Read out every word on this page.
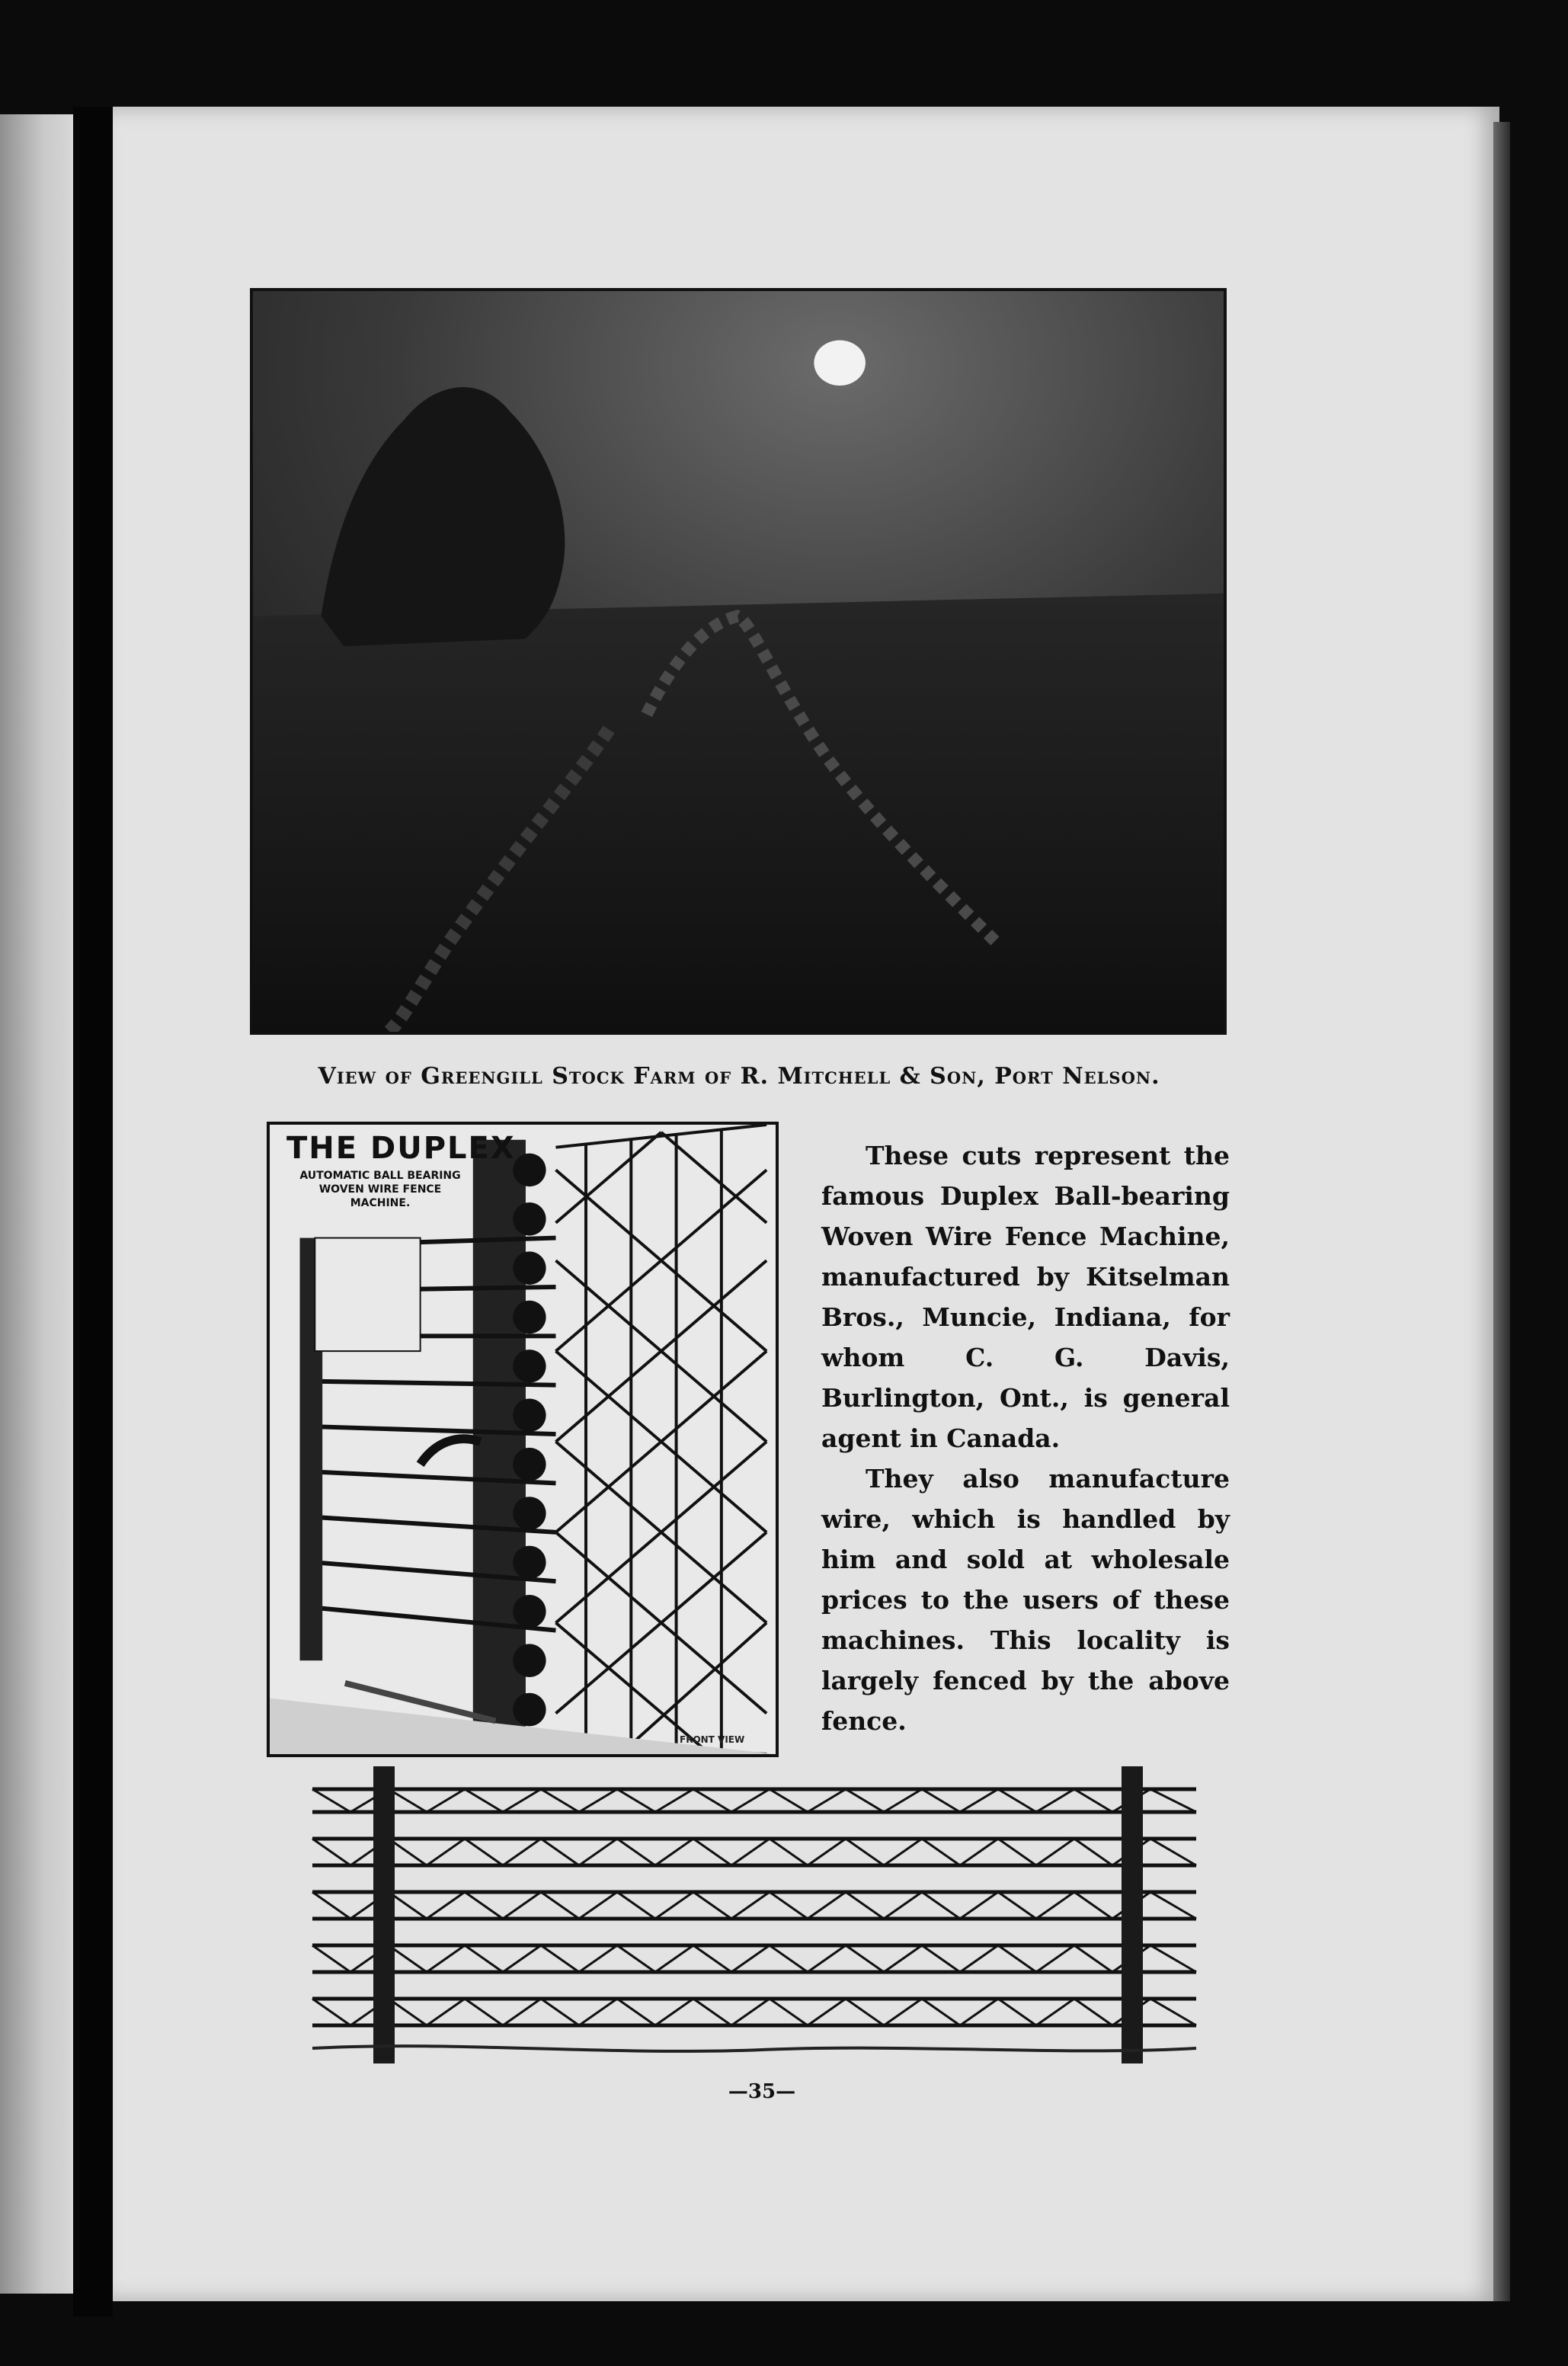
View of Greengill Stock Farm of R. Mitchell & Son, Port Nelson.
THE DUPLEX
AUTOMATIC BALL BEARING WOVEN WIRE FENCE MACHINE.
FRONT VIEW

These cuts represent the famous Duplex Ball-bearing Woven Wire Fence Machine, manufactured by Kitselman Bros., Muncie, Indiana, for whom C. G. Davis, Burlington, Ont., is general agent in Canada.

They also manufacture wire, which is handled by him and sold at wholesale prices to the users of these machines. This locality is largely fenced by the above fence.

—35—
